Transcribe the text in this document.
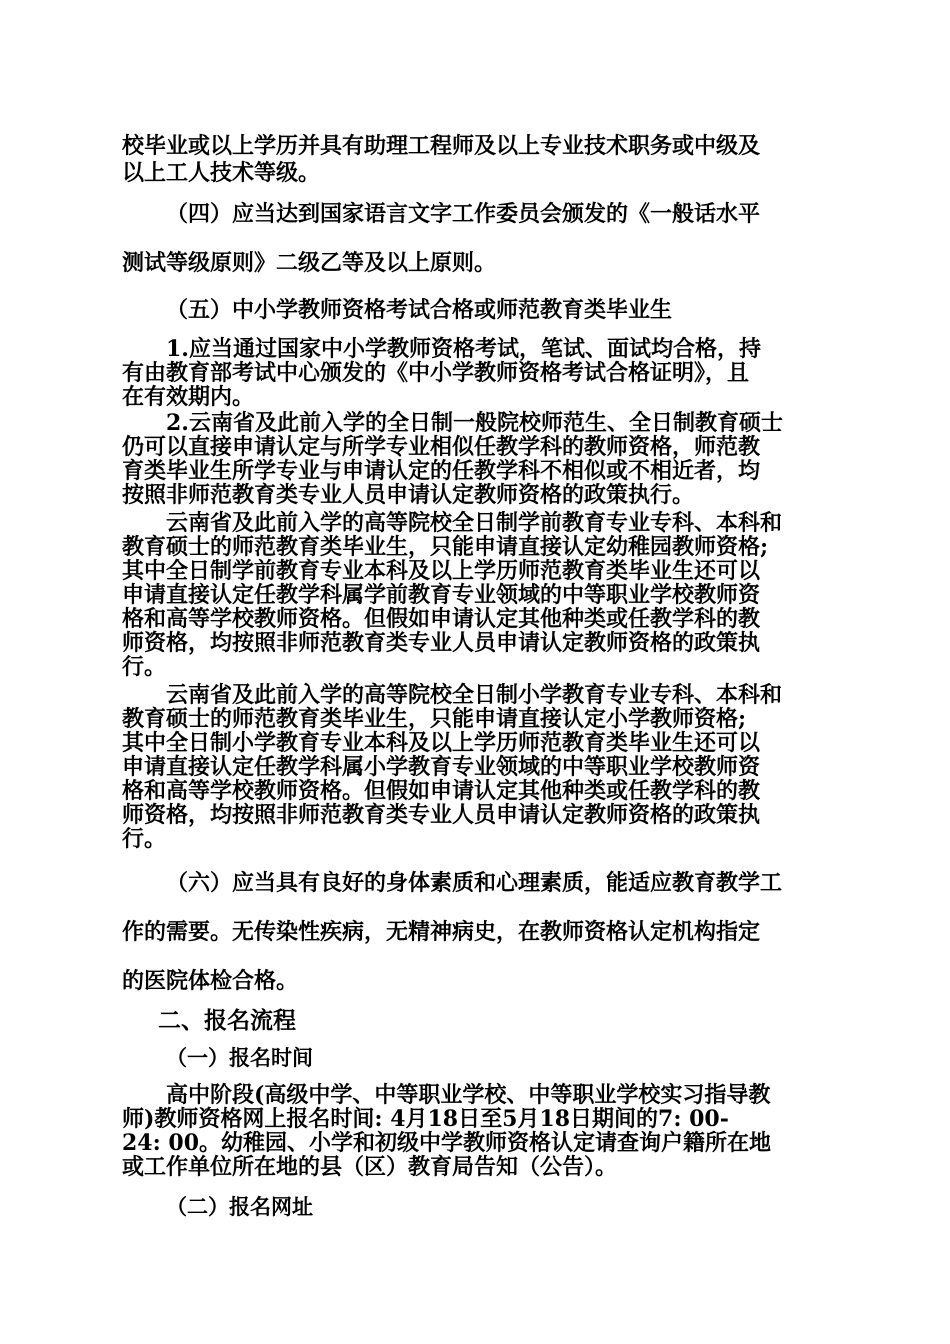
校毕业或以上学历并具有助理工程师及以上专业技术职务或中级及
以上工人技术等级。
（四）应当达到国家语言文字工作委员会颁发的《一般话水平
测试等级原则》二级乙等及以上原则。
（五）中小学教师资格考试合格或师范教育类毕业生
1.应当通过国家中小学教师资格考试，笔试、面试均合格，持
有由教育部考试中心颁发的《中小学教师资格考试合格证明》，且
在有效期内。
2.云南省及此前入学的全日制一般院校师范生、全日制教育硕士
仍可以直接申请认定与所学专业相似任教学科的教师资格，师范教
育类毕业生所学专业与申请认定的任教学科不相似或不相近者，均
按照非师范教育类专业人员申请认定教师资格的政策执行。
云南省及此前入学的高等院校全日制学前教育专业专科、本科和
教育硕士的师范教育类毕业生，只能申请直接认定幼稚园教师资格;
其中全日制学前教育专业本科及以上学历师范教育类毕业生还可以
申请直接认定任教学科属学前教育专业领域的中等职业学校教师资
格和高等学校教师资格。但假如申请认定其他种类或任教学科的教
师资格，均按照非师范教育类专业人员申请认定教师资格的政策执
行。
云南省及此前入学的高等院校全日制小学教育专业专科、本科和
教育硕士的师范教育类毕业生，只能申请直接认定小学教师资格;
其中全日制小学教育专业本科及以上学历师范教育类毕业生还可以
申请直接认定任教学科属小学教育专业领域的中等职业学校教师资
格和高等学校教师资格。但假如申请认定其他种类或任教学科的教
师资格，均按照非师范教育类专业人员申请认定教师资格的政策执
行。
（六）应当具有良好的身体素质和心理素质，能适应教育教学工
作的需要。无传染性疾病，无精神病史，在教师资格认定机构指定
的医院体检合格。
二、报名流程
（一）报名时间
高中阶段(高级中学、中等职业学校、中等职业学校实习指导教
师)教师资格网上报名时间: 4月18日至5月18日期间的7: 00-
24: 00。幼稚园、小学和初级中学教师资格认定请查询户籍所在地
或工作单位所在地的县（区）教育局告知（公告）。
（二）报名网址
